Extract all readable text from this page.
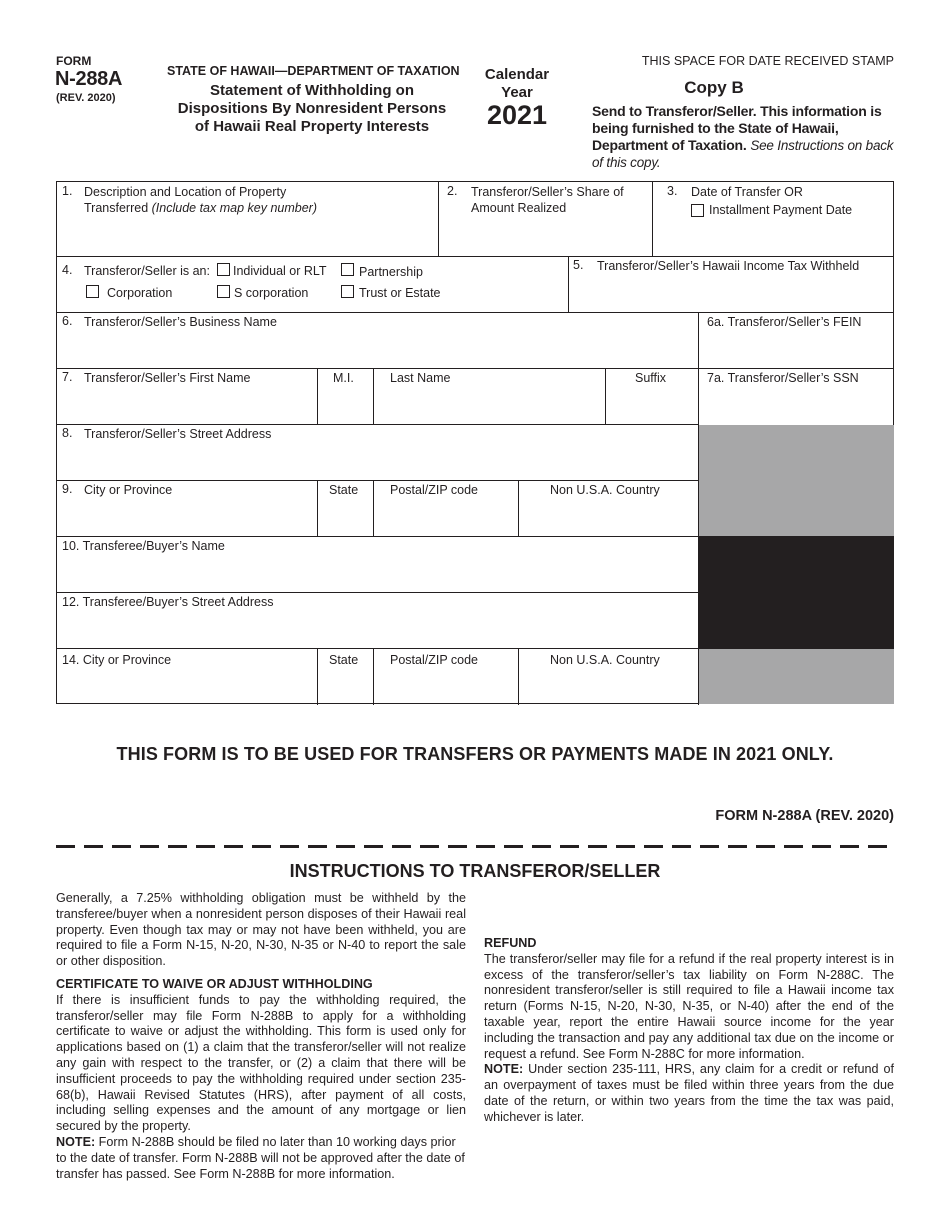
FORM
N-288A
(REV. 2020)
STATE OF HAWAII—DEPARTMENT OF TAXATION
Statement of Withholding on
Dispositions By Nonresident Persons
of Hawaii Real Property Interests
Calendar
Year
2021
THIS SPACE FOR DATE RECEIVED STAMP
Copy B
Send to Transferor/Seller. This information is being furnished to the State of Hawaii, Department of Taxation. See Instructions on back of this copy.
1. Description and Location of Property
Transferred (Include tax map key number)
2. Transferor/Seller’s Share of
Amount Realized
3. Date of Transfer OR
Installment Payment Date
4. Transferor/Seller is an: Individual or RLT	Partnership
Corporation	S corporation	Trust or Estate
5. Transferor/Seller’s Hawaii Income Tax Withheld
6. Transferor/Seller’s Business Name	6a. Transferor/Seller’s FEIN
7. Transferor/Seller’s First Name	M.I.	Last Name	Suffix	7a. Transferor/Seller’s SSN
8. Transferor/Seller’s Street Address
9. City or Province	State	Postal/ZIP code	Non U.S.A. Country
10. Transferee/Buyer’s Name
12. Transferee/Buyer’s Street Address
14. City or Province	State	Postal/ZIP code	Non U.S.A. Country
THIS FORM IS TO BE USED FOR TRANSFERS OR PAYMENTS MADE IN 2021 ONLY.
FORM N-288A (REV. 2020)
INSTRUCTIONS TO TRANSFEROR/SELLER

Generally, a 7.25% withholding obligation must be withheld by the transferee/buyer when a nonresident person disposes of their Hawaii real property. Even though tax may or may not have been withheld, you are required to file a Form N-15, N-20, N-30, N-35 or N-40 to report the sale or other disposition.

CERTIFICATE TO WAIVE OR ADJUST WITHHOLDING
If there is insufficient funds to pay the withholding required, the transferor/seller may file Form N-288B to apply for a withholding certificate to waive or adjust the withholding. This form is used only for applications based on (1) a claim that the transferor/seller will not realize any gain with respect to the transfer, or (2) a claim that there will be insufficient proceeds to pay the withholding required under section 235-68(b), Hawaii Revised Statutes (HRS), after payment of all costs, including selling expenses and the amount of any mortgage or lien secured by the property.
NOTE: Form N-288B should be filed no later than 10 working days prior to the date of transfer. Form N-288B will not be approved after the date of transfer has passed. See Form N-288B for more information.
REFUND
The transferor/seller may file for a refund if the real property interest is in excess of the transferor/seller’s tax liability on Form N-288C. The nonresident transferor/seller is still required to file a Hawaii income tax return (Forms N-15, N-20, N-30, N-35, or N-40) after the end of the taxable year, report the entire Hawaii source income for the year including the transaction and pay any additional tax due on the income or request a refund. See Form N-288C for more information.
NOTE: Under section 235-111, HRS, any claim for a credit or refund of an overpayment of taxes must be filed within three years from the due date of the return, or within two years from the time the tax was paid, whichever is later.
